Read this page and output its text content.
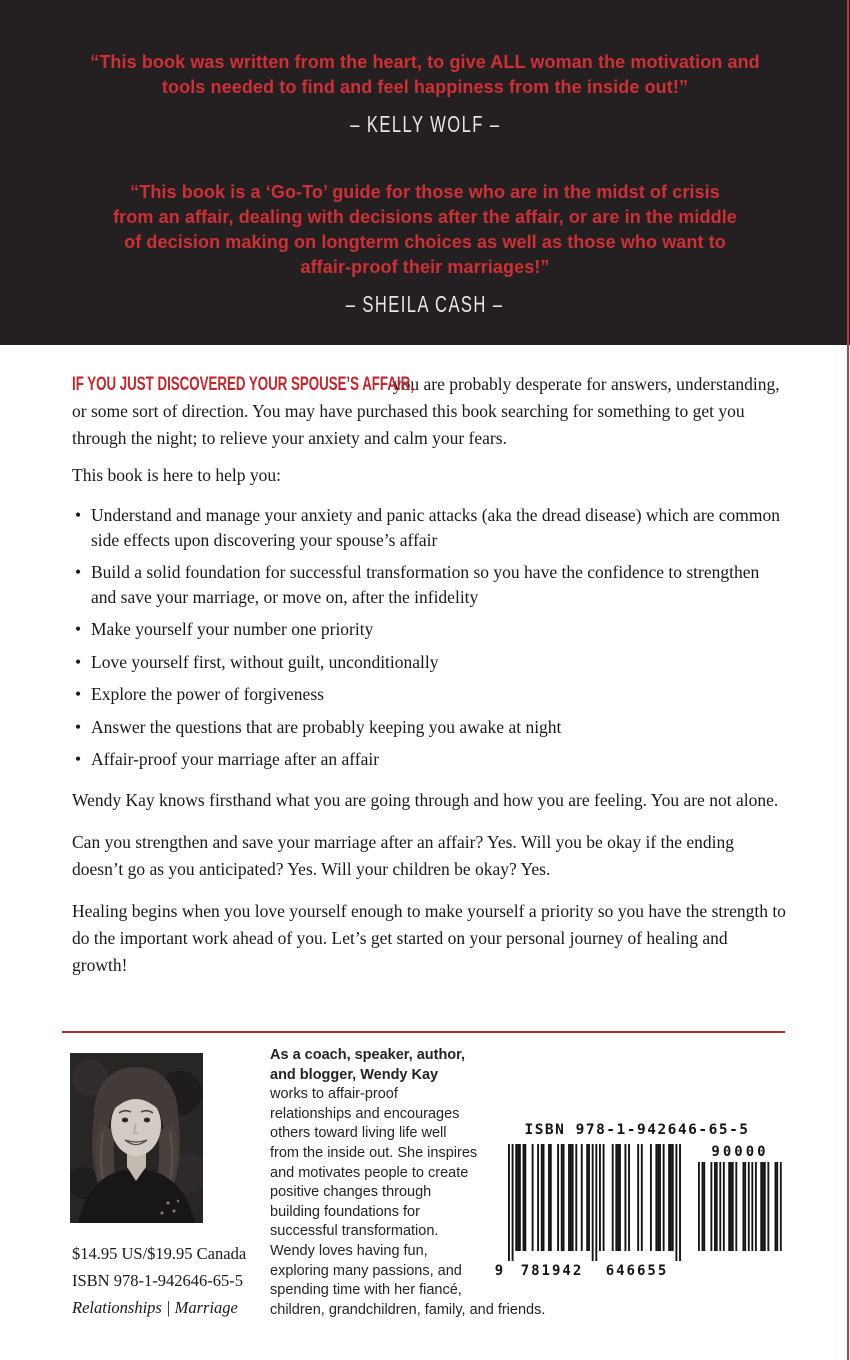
“This book was written from the heart, to give ALL woman the motivation and tools needed to find and feel happiness from the inside out!”

– KELLY WOLF –

“This book is a ‘Go-To’ guide for those who are in the midst of crisis from an affair, dealing with decisions after the affair, or are in the middle of decision making on longterm choices as well as those who want to affair-proof their marriages!”

– SHEILA CASH –

IF YOU JUST DISCOVERED YOUR SPOUSE’S AFFAIR, you are probably desperate for answers, understanding, or some sort of direction. You may have purchased this book searching for something to get you through the night; to relieve your anxiety and calm your fears.

This book is here to help you:

• Understand and manage your anxiety and panic attacks (aka the dread disease) which are common side effects upon discovering your spouse’s affair
• Build a solid foundation for successful transformation so you have the confidence to strengthen and save your marriage, or move on, after the infidelity
• Make yourself your number one priority
• Love yourself first, without guilt, unconditionally
• Explore the power of forgiveness
• Answer the questions that are probably keeping you awake at night
• Affair-proof your marriage after an affair

Wendy Kay knows firsthand what you are going through and how you are feeling. You are not alone.

Can you strengthen and save your marriage after an affair? Yes. Will you be okay if the ending doesn’t go as you anticipated? Yes. Will your children be okay? Yes.

Healing begins when you love yourself enough to make yourself a priority so you have the strength to do the important work ahead of you. Let’s get started on your personal journey of healing and growth!

$14.95 US/$19.95 Canada
ISBN 978-1-942646-65-5
Relationships | Marriage
ISBN 978-1-942646-65-5
9 781942 646655
90000
As a coach, speaker, author, and blogger, Wendy Kay works to affair-proof relationships and encourages others toward living life well from the inside out. She inspires and motivates people to create positive changes through building foundations for successful transformation. Wendy loves having fun, exploring many passions, and spending time with her fiancé, children, grandchildren, family, and friends.
